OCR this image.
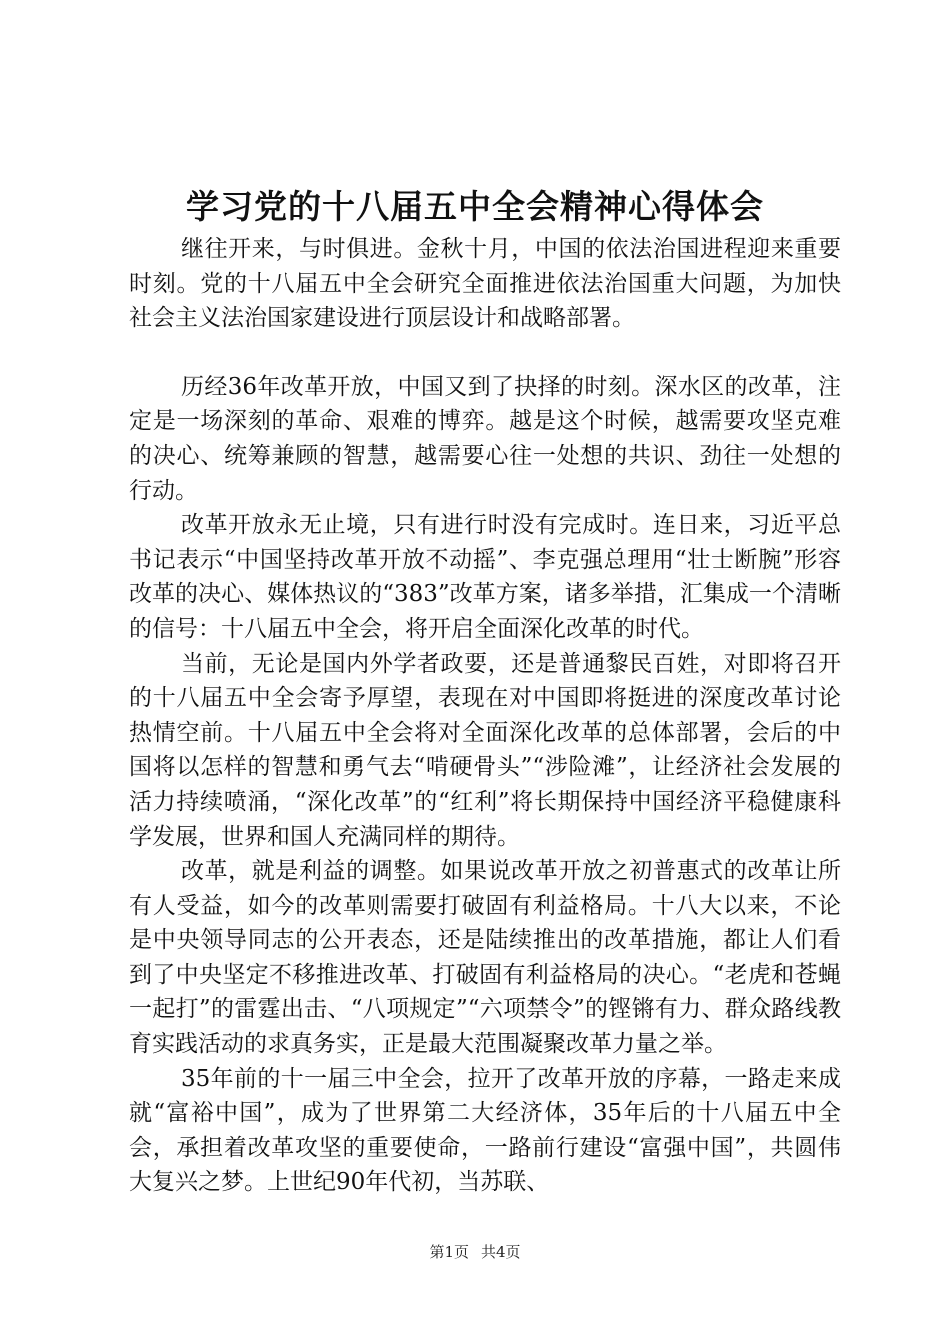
学习党的十八届五中全会精神心得体会

继往开来，与时俱进。金秋十月，中国的依法治国进程迎来重要时刻。党的十八届五中全会研究全面推进依法治国重大问题，为加快社会主义法治国家建设进行顶层设计和战略部署。

历经36年改革开放，中国又到了抉择的时刻。深水区的改革，注定是一场深刻的革命、艰难的博弈。越是这个时候，越需要攻坚克难的决心、统筹兼顾的智慧，越需要心往一处想的共识、劲往一处想的行动。

改革开放永无止境，只有进行时没有完成时。连日来，习近平总书记表示“中国坚持改革开放不动摇”、李克强总理用“壮士断腕”形容改革的决心、媒体热议的“383”改革方案，诸多举措，汇集成一个清晰的信号：十八届五中全会，将开启全面深化改革的时代。

当前，无论是国内外学者政要，还是普通黎民百姓，对即将召开的十八届五中全会寄予厚望，表现在对中国即将挺进的深度改革讨论热情空前。十八届五中全会将对全面深化改革的总体部署，会后的中国将以怎样的智慧和勇气去“啃硬骨头”“涉险滩”，让经济社会发展的活力持续喷涌，“深化改革”的“红利”将长期保持中国经济平稳健康科学发展，世界和国人充满同样的期待。

改革，就是利益的调整。如果说改革开放之初普惠式的改革让所有人受益，如今的改革则需要打破固有利益格局。十八大以来，不论是中央领导同志的公开表态，还是陆续推出的改革措施，都让人们看到了中央坚定不移推进改革、打破固有利益格局的决心。“老虎和苍蝇一起打”的雷霆出击、“八项规定”“六项禁令”的铿锵有力、群众路线教育实践活动的求真务实，正是最大范围凝聚改革力量之举。

35年前的十一届三中全会，拉开了改革开放的序幕，一路走来成就“富裕中国”，成为了世界第二大经济体，35年后的十八届五中全会，承担着改革攻坚的重要使命，一路前行建设“富强中国”，共圆伟大复兴之梦。上世纪90年代初，当苏联、

第1页 共4页
